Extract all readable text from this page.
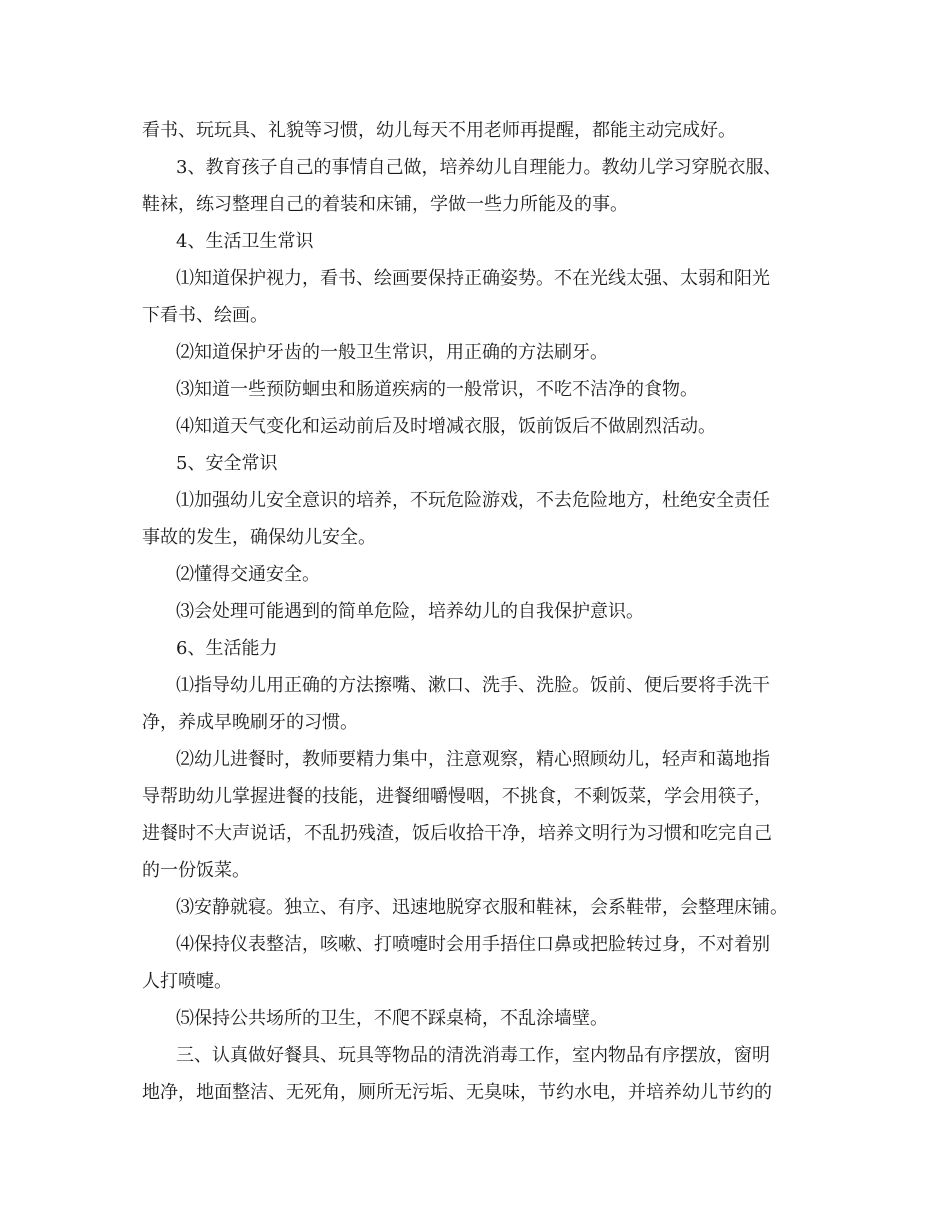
看书、玩玩具、礼貌等习惯，幼儿每天不用老师再提醒，都能主动完成好。
3、教育孩子自己的事情自己做，培养幼儿自理能力。教幼儿学习穿脱衣服、
鞋袜，练习整理自己的着装和床铺，学做一些力所能及的事。
4、生活卫生常识
⑴知道保护视力，看书、绘画要保持正确姿势。不在光线太强、太弱和阳光
下看书、绘画。
⑵知道保护牙齿的一般卫生常识，用正确的方法刷牙。
⑶知道一些预防蛔虫和肠道疾病的一般常识，不吃不洁净的食物。
⑷知道天气变化和运动前后及时增减衣服，饭前饭后不做剧烈活动。
5、安全常识
⑴加强幼儿安全意识的培养，不玩危险游戏，不去危险地方，杜绝安全责任
事故的发生，确保幼儿安全。
⑵懂得交通安全。
⑶会处理可能遇到的简单危险，培养幼儿的自我保护意识。
6、生活能力
⑴指导幼儿用正确的方法擦嘴、漱口、洗手、洗脸。饭前、便后要将手洗干
净，养成早晚刷牙的习惯。
⑵幼儿进餐时，教师要精力集中，注意观察，精心照顾幼儿，轻声和蔼地指
导帮助幼儿掌握进餐的技能，进餐细嚼慢咽，不挑食，不剩饭菜，学会用筷子，
进餐时不大声说话，不乱扔残渣，饭后收拾干净，培养文明行为习惯和吃完自己
的一份饭菜。
⑶安静就寝。独立、有序、迅速地脱穿衣服和鞋袜，会系鞋带，会整理床铺。
⑷保持仪表整洁，咳嗽、打喷嚏时会用手捂住口鼻或把脸转过身，不对着别
人打喷嚏。
⑸保持公共场所的卫生，不爬不踩桌椅，不乱涂墙壁。
三、认真做好餐具、玩具等物品的清洗消毒工作，室内物品有序摆放，窗明
地净，地面整洁、无死角，厕所无污垢、无臭味，节约水电，并培养幼儿节约的
